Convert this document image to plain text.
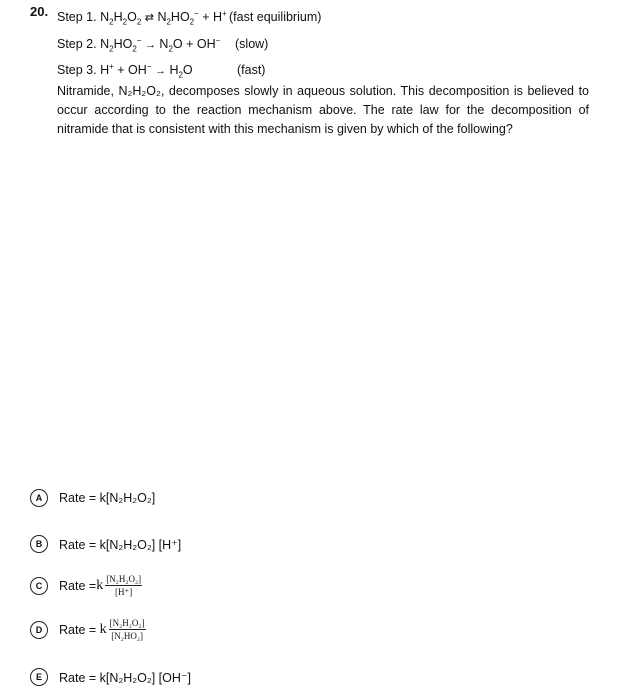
20. Step 1. $N_2H_2O_2$ ⇄ $N_2HO_2^- + H^+$ (fast equilibrium)
Step 2. $N_2HO_2^- \to N_2O + OH^-$ (slow)
Step 3. $H^+ + OH^- \to H_2O$	(fast)
Nitramide, N₂H₂O₂, decomposes slowly in aqueous solution. This decomposition is believed to occur according to the reaction mechanism above. The rate law for the decomposition of nitramide that is consistent with this mechanism is given by which of the following?
A	Rate = k[N₂H₂O₂]
B	Rate = k[N₂H₂O₂] [H⁺]
C	Rate = k $\frac{\text{[N₂H₂O₂]}}{[H^+]}$
D	Rate = k $\frac{\text{[N₂H₂O₂]}}{\text{[N₂HO₂]}}$
E	Rate = k[N₂H₂O₂] [OH⁻]
